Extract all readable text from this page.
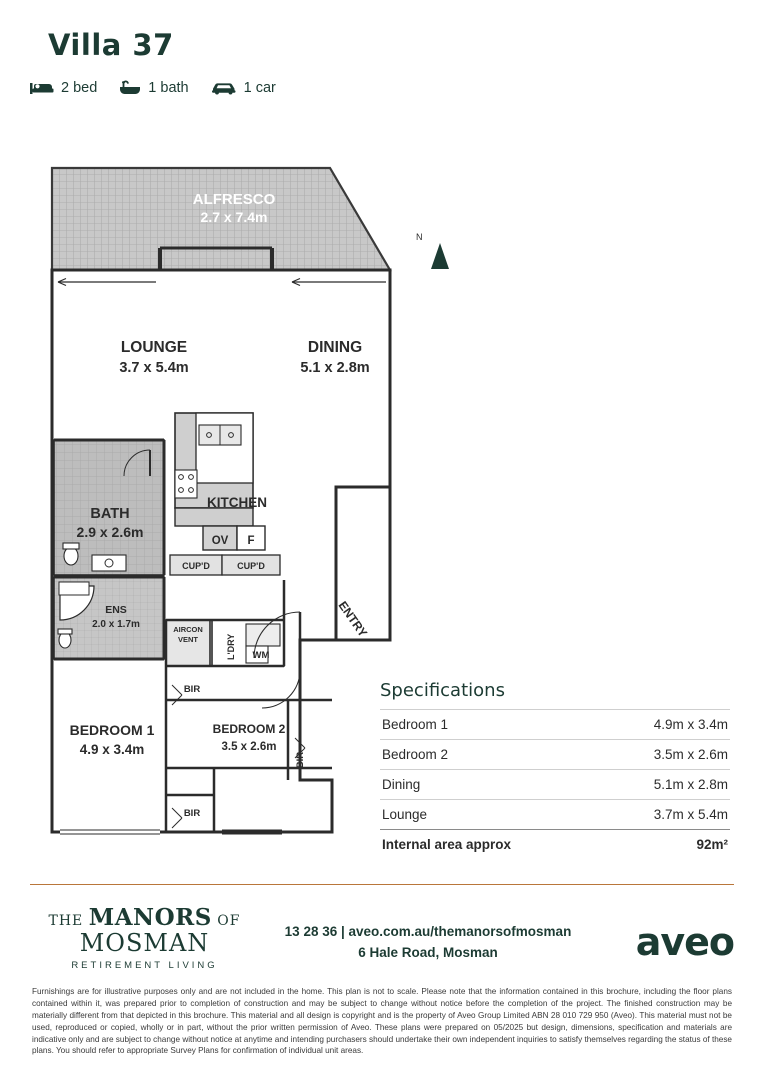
Villa 37
2 bed	1 bath	1 car
N
ALFRESCO
2.7 x 7.4m
LOUNGE
3.7 x 5.4m
DINING
5.1 x 2.8m
KITCHEN
BATH
2.9 x 2.6m
ENS
2.0 x 1.7m
BEDROOM 1
4.9 x 3.4m
BEDROOM 2
3.5 x 2.6m
OV F
CUP'D	CUP'D
WM
AIRCON
VENT	L'DRY
ENTRY
BIR
BIR
BIR
Specifications
Bedroom 1	4.9m x 3.4m
Bedroom 2	3.5m x 2.6m
Dining	5.1m x 2.8m
Lounge	3.7m x 5.4m
Internal area approx	92m²
THE MANORS OF
MOSMAN
RETIREMENT LIVING
13 28 36 | aveo.com.au/themanorsofmosman
6 Hale Road, Mosman	aveo
Furnishings are for illustrative purposes only and are not included in the home. This plan is not to scale. Please note that the information contained in this brochure, including the floor plans contained within it, was prepared prior to completion of construction and may be subject to change without notice before the completion of the project. The finished construction may be materially different from that depicted in this brochure. This material and all design is copyright and is the property of Aveo Group Limited ABN 28 010 729 950 (Aveo). This material must not be used, reproduced or copied, wholly or in part, without the prior written permission of Aveo. These plans were prepared on 05/2025 but design, dimensions, specification and materials are indicative only and are subject to change without notice at anytime and intending purchasers should undertake their own independent inquiries to satisfy themselves regarding the status of these plans. You should refer to appropriate Survey Plans for confirmation of individual unit areas.
